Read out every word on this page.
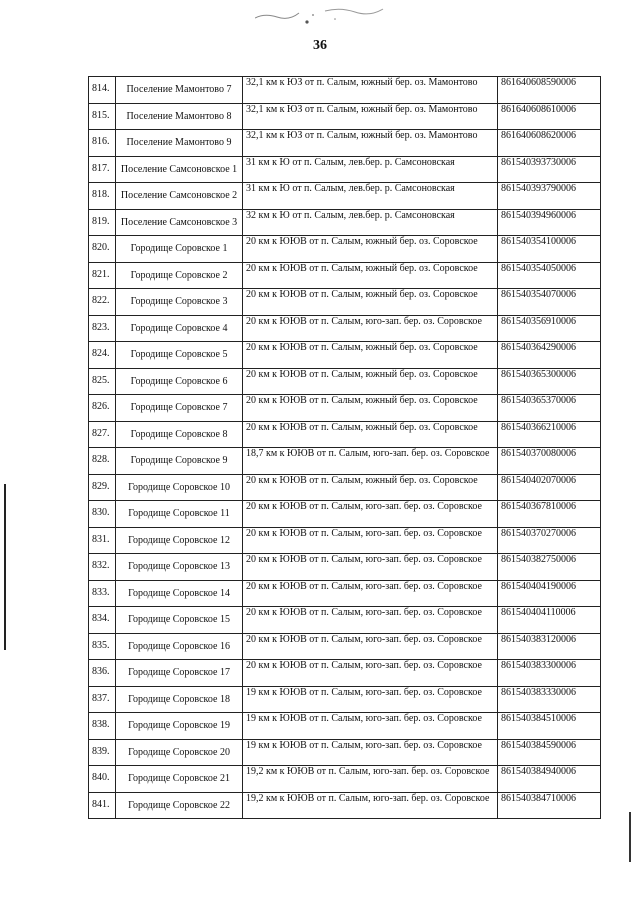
36
814.	Поселение Мамонтово 7	32,1 км к ЮЗ от п. Салым, южный бер. оз. Мамонтово	861640608590006
815.	Поселение Мамонтово 8	32,1 км к ЮЗ от п. Салым, южный бер. оз. Мамонтово	861640608610006
816.	Поселение Мамонтово 9	32,1 км к ЮЗ от п. Салым, южный бер. оз. Мамонтово	861640608620006
817.	Поселение Самсоновское 1	31 км к Ю от п. Салым, лев.бер. р. Самсоновская	861540393730006
818.	Поселение Самсоновское 2	31 км к Ю от п. Салым, лев.бер. р. Самсоновская	861540393790006
819.	Поселение Самсоновское 3	32 км к Ю от п. Салым, лев.бер. р. Самсоновская	861540394960006
820.	Городище Соровское 1	20 км к ЮЮВ от п. Салым, южный бер. оз. Соровское	861540354100006
821.	Городище Соровское 2	20 км к ЮЮВ от п. Салым, южный бер. оз. Соровское	861540354050006
822.	Городище Соровское 3	20 км к ЮЮВ от п. Салым, южный бер. оз. Соровское	861540354070006
823.	Городище Соровское 4	20 км к ЮЮВ от п. Салым, юго-зап. бер. оз. Соровское	861540356910006
824.	Городище Соровское 5	20 км к ЮЮВ от п. Салым, южный бер. оз. Соровское	861540364290006
825.	Городище Соровское 6	20 км к ЮЮВ от п. Салым, южный бер. оз. Соровское	861540365300006
826.	Городище Соровское 7	20 км к ЮЮВ от п. Салым, южный бер. оз. Соровское	861540365370006
827.	Городище Соровское 8	20 км к ЮЮВ от п. Салым, южный бер. оз. Соровское	861540366210006
828.	Городище Соровское 9	18,7 км к ЮЮВ от п. Салым, юго-зап. бер. оз. Соровское	861540370080006
829.	Городище Соровское 10	20 км к ЮЮВ от п. Салым, южный бер. оз. Соровское	861540402070006
830.	Городище Соровское 11	20 км к ЮЮВ от п. Салым, юго-зап. бер. оз. Соровское	861540367810006
831.	Городище Соровское 12	20 км к ЮЮВ от п. Салым, юго-зап. бер. оз. Соровское	861540370270006
832.	Городище Соровское 13	20 км к ЮЮВ от п. Салым, юго-зап. бер. оз. Соровское	861540382750006
833.	Городище Соровское 14	20 км к ЮЮВ от п. Салым, юго-зап. бер. оз. Соровское	861540404190006
834.	Городище Соровское 15	20 км к ЮЮВ от п. Салым, юго-зап. бер. оз. Соровское	861540404110006
835.	Городище Соровское 16	20 км к ЮЮВ от п. Салым, юго-зап. бер. оз. Соровское	861540383120006
836.	Городище Соровское 17	20 км к ЮЮВ от п. Салым, юго-зап. бер. оз. Соровское	861540383300006
837.	Городище Соровское 18	19 км к ЮЮВ от п. Салым, юго-зап. бер. оз. Соровское	861540383330006
838.	Городище Соровское 19	19 км к ЮЮВ от п. Салым, юго-зап. бер. оз. Соровское	861540384510006
839.	Городище Соровское 20	19 км к ЮЮВ от п. Салым, юго-зап. бер. оз. Соровское	861540384590006
840.	Городище Соровское 21	19,2 км к ЮЮВ от п. Салым, юго-зап. бер. оз. Соровское	861540384940006
841.	Городище Соровское 22	19,2 км к ЮЮВ от п. Салым, юго-зап. бер. оз. Соровское	861540384710006
